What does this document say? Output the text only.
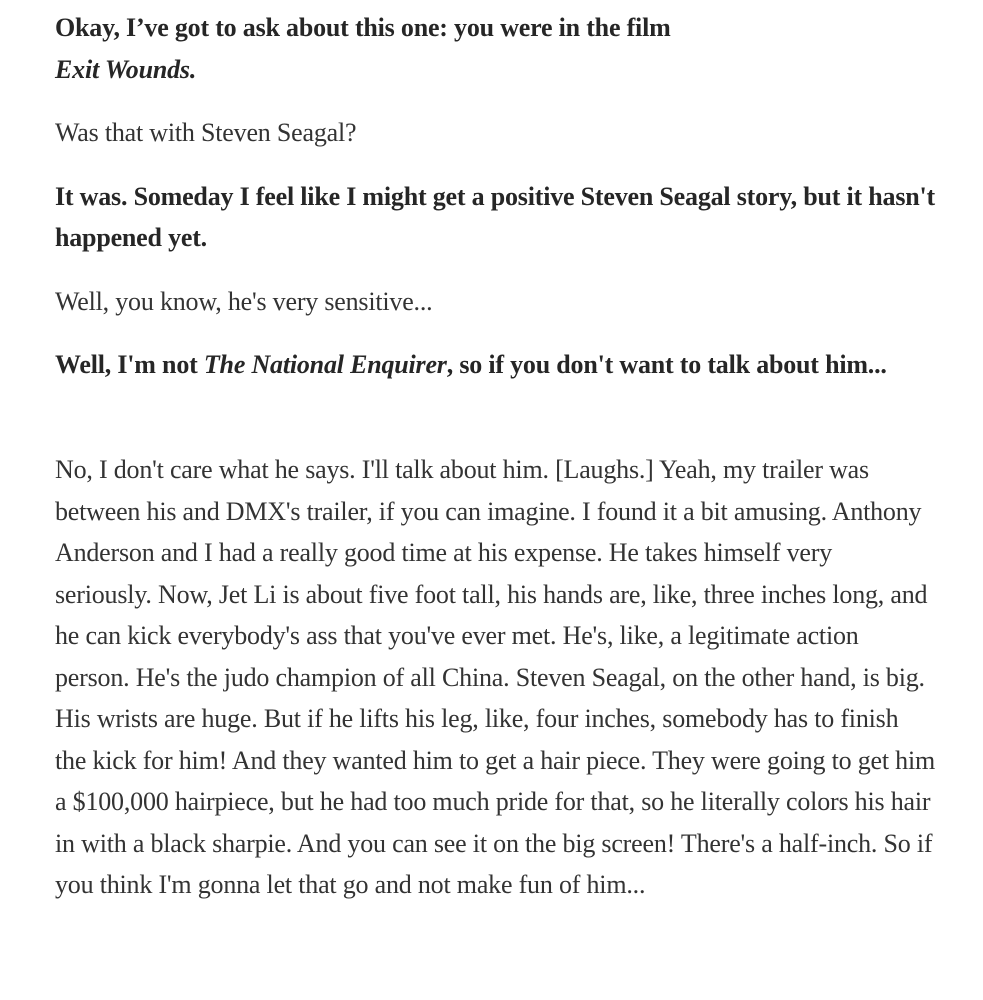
Okay, I’ve got to ask about this one: you were in the film
Exit Wounds.

Was that with Steven Seagal?

It was. Someday I feel like I might get a positive Steven Seagal story, but it hasn't happened yet.

Well, you know, he's very sensitive...

Well, I'm not The National Enquirer, so if you don't want to talk about him...

No, I don't care what he says. I'll talk about him. [Laughs.] Yeah, my trailer was between his and DMX's trailer, if you can imagine. I found it a bit amusing. Anthony Anderson and I had a really good time at his expense. He takes himself very seriously. Now, Jet Li is about five foot tall, his hands are, like, three inches long, and he can kick everybody's ass that you've ever met. He's, like, a legitimate action person. He's the judo champion of all China. Steven Seagal, on the other hand, is big. His wrists are huge. But if he lifts his leg, like, four inches, somebody has to finish the kick for him! And they wanted him to get a hair piece. They were going to get him a $100,000 hairpiece, but he had too much pride for that, so he literally colors his hair in with a black sharpie. And you can see it on the big screen! There's a half-inch. So if you think I'm gonna let that go and not make fun of him...
